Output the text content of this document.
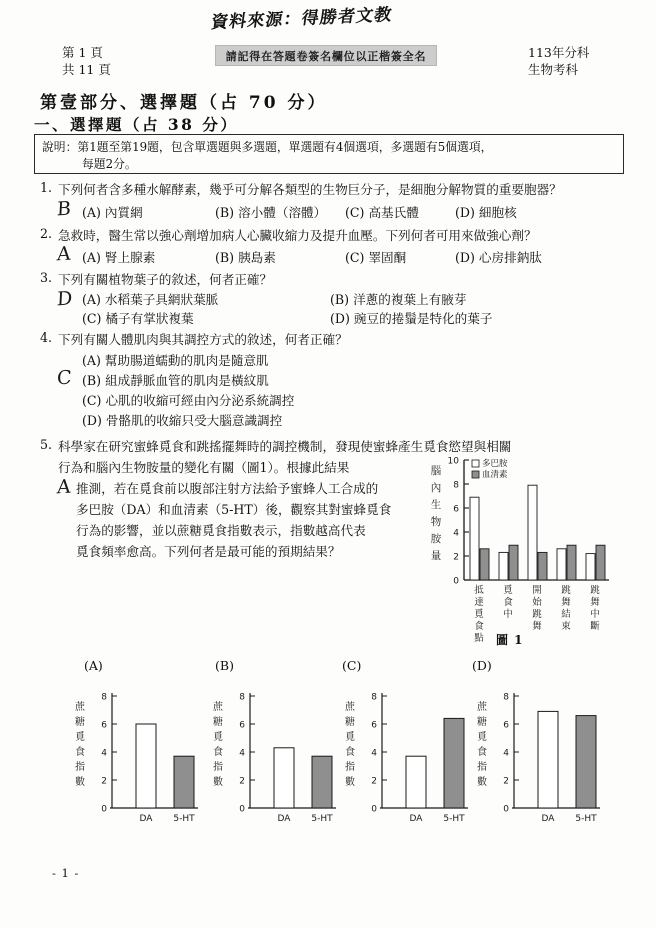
資料來源：得勝者文教
第 1 頁
共 11 頁
請記得在答題卷簽名欄位以正楷簽全名	113年分科
生物考科
第壹部分、選擇題（占 70 分）
一、選擇題（占 38 分）
說明：第1題至第19題，包含單選題與多選題，單選題有4個選項，多選題有5個選項，
每題2分。
1. 下列何者含多種水解酵素，幾乎可分解各類型的生物巨分子，是細胞分解物質的重要胞器？
B (A) 內質網	(B) 溶小體（溶體） (C) 高基氏體	(D) 細胞核
2. 急救時，醫生常以強心劑增加病人心臟收縮力及提升血壓。下列何者可用來做強心劑？
A (A) 腎上腺素	(B) 胰島素	(C) 睪固酮	(D) 心房排鈉肽
3. 下列有關植物葉子的敘述，何者正確？
D (A) 水稻葉子具網狀葉脈	(B) 洋蔥的複葉上有腋芽
(C) 橘子有掌狀複葉	(D) 豌豆的捲鬚是特化的葉子
4. 下列有關人體肌肉與其調控方式的敘述，何者正確？
C
(A) 幫助腸道蠕動的肌肉是隨意肌
(B) 組成靜脈血管的肌肉是橫紋肌
(C) 心肌的收縮可經由內分泌系統調控
(D) 骨骼肌的收縮只受大腦意識調控
5. 科學家在研究蜜蜂覓食和跳搖擺舞時的調控機制，發現使蜜蜂產生覓食慾望與相關
行為和腦內生物胺量的變化有關（圖1）。根據此結果
A 推測，若在覓食前以腹部注射方法給予蜜蜂人工合成的
多巴胺（DA）和血清素（5-HT）後，觀察其對蜜蜂覓食
行為的影響，並以蔗糖覓食指數表示，指數越高代表
覓食頻率愈高。下列何者是最可能的預期結果？
0
2
4
6
8
10
腦
內
生
物
胺
量
抵
達
覓
食
點
覓
食
中
開
始
跳
舞
跳
舞
結
束
跳
舞
中
斷
多巴胺
血清素
圖 1
(A)
0
2
4
6
8
蔗
糖
覓
食
指
數
DA 5-HT
(B)
0
2
4
6
8
蔗
糖
覓
食
指
數
DA 5-HT
(C)
0
2
4
6
8
蔗
糖
覓
食
指
數
DA 5-HT
(D)
0
2
4
6
8
蔗
糖
覓
食
指
數
DA 5-HT
- 1 -
